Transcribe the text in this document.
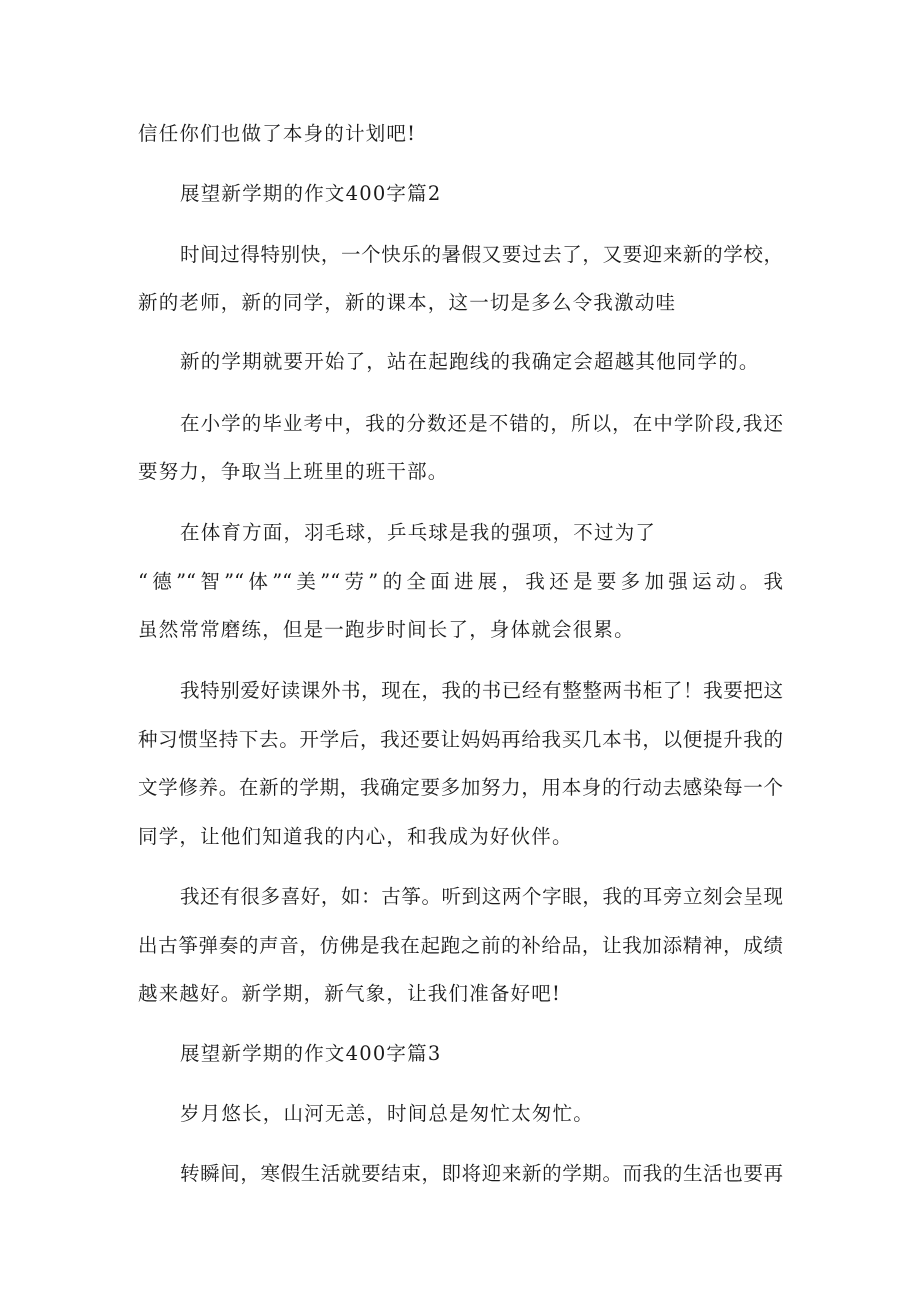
信任你们也做了本身的计划吧!
展望新学期的作文400字篇2
时间过得特别快，一个快乐的暑假又要过去了，又要迎来新的学校，
新的老师，新的同学，新的课本，这一切是多么令我激动哇
新的学期就要开始了，站在起跑线的我确定会超越其他同学的。
在小学的毕业考中，我的分数还是不错的，所以，在中学阶段,我还
要努力，争取当上班里的班干部。
在体育方面，羽毛球，乒乓球是我的强项，不过为了
“德”“智”“体”“美”“劳”的全面进展，我还是要多加强运动。我
虽然常常磨练，但是一跑步时间长了，身体就会很累。
我特别爱好读课外书，现在，我的书已经有整整两书柜了！我要把这
种习惯坚持下去。开学后，我还要让妈妈再给我买几本书，以便提升我的
文学修养。在新的学期，我确定要多加努力，用本身的行动去感染每一个
同学，让他们知道我的内心，和我成为好伙伴。
我还有很多喜好，如：古筝。听到这两个字眼，我的耳旁立刻会呈现
出古筝弹奏的声音，仿佛是我在起跑之前的补给品，让我加添精神，成绩
越来越好。新学期，新气象，让我们准备好吧!
展望新学期的作文400字篇3
岁月悠长，山河无恙，时间总是匆忙太匆忙。
转瞬间，寒假生活就要结束，即将迎来新的学期。而我的生活也要再
